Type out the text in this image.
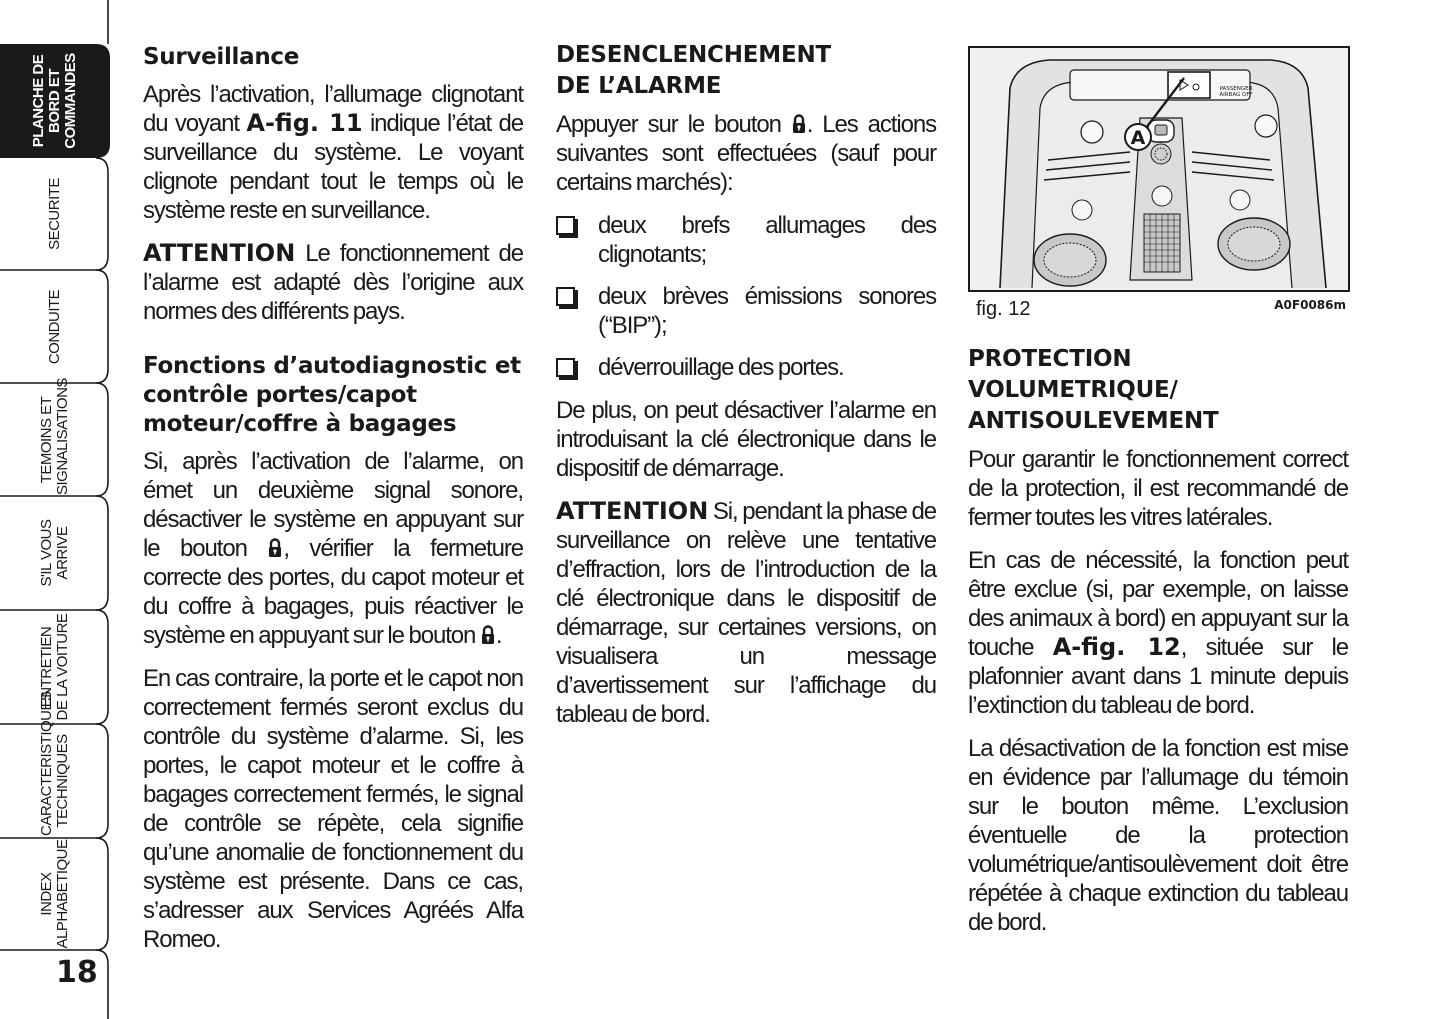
PLANCHE DE
BORD ET
COMMANDES
SECURITE
CONDUITE
TEMOINS ET
SIGNALISATIONS
S'IL VOUS
ARRIVE
ENTRETIEN
DE LA VOITURE
CARACTERISTIQUES
TECHNIQUES
INDEX
ALPHABETIQUE
18
Surveillance

Après l’activation, l’allumage clignotant du voyant A-fig. 11 indique l’état de surveillance du système. Le voyant clignote pendant tout le temps où le système reste en surveillance.

ATTENTION Le fonctionnement de l’alarme est adapté dès l’origine aux normes des différents pays.

Fonctions d’autodiagnostic et contrôle portes/capot moteur/coffre à bagages

Si, après l’activation de l’alarme, on émet un deuxième signal sonore, désactiver le système en appuyant sur le bouton , vérifier la fermeture correcte des portes, du capot moteur et du coffre à bagages, puis réactiver le système en appuyant sur le bouton .

En cas contraire, la porte et le capot non correctement fermés seront exclus du contrôle du système d’alarme. Si, les portes, le capot moteur et le coffre à bagages correctement fermés, le signal de contrôle se répète, cela signifie qu’une anomalie de fonctionnement du système est présente. Dans ce cas, s’adresser aux Services Agréés Alfa Romeo.

DESENCLENCHEMENT
DE L’ALARME

Appuyer sur le bouton . Les actions suivantes sont effectuées (sauf pour certains marchés):

deux brefs allumages des clignotants;
deux brèves émissions sonores (“BIP”);
déverrouillage des portes.

De plus, on peut désactiver l’alarme en introduisant la clé électronique dans le dispositif de démarrage.

ATTENTION Si, pendant la phase de surveillance on relève une tentative d’effraction, lors de l’introduction de la clé électronique dans le dispositif de démarrage, sur certaines versions, on visualisera un message d’avertissement sur l’affichage du tableau de bord.

PASSENGER
AIRBAG OFF
A
fig. 12	A0F0086m
PROTECTION
VOLUMETRIQUE/
ANTISOULEVEMENT

Pour garantir le fonctionnement correct de la protection, il est recommandé de fermer toutes les vitres latérales.

En cas de nécessité, la fonction peut être exclue (si, par exemple, on laisse des animaux à bord) en appuyant sur la touche A-fig. 12, située sur le plafonnier avant dans 1 minute depuis l’extinction du tableau de bord.

La désactivation de la fonction est mise en évidence par l’allumage du témoin sur le bouton même. L’exclusion éventuelle de la protection volumétrique/antisoulèvement doit être répétée à chaque extinction du tableau de bord.
